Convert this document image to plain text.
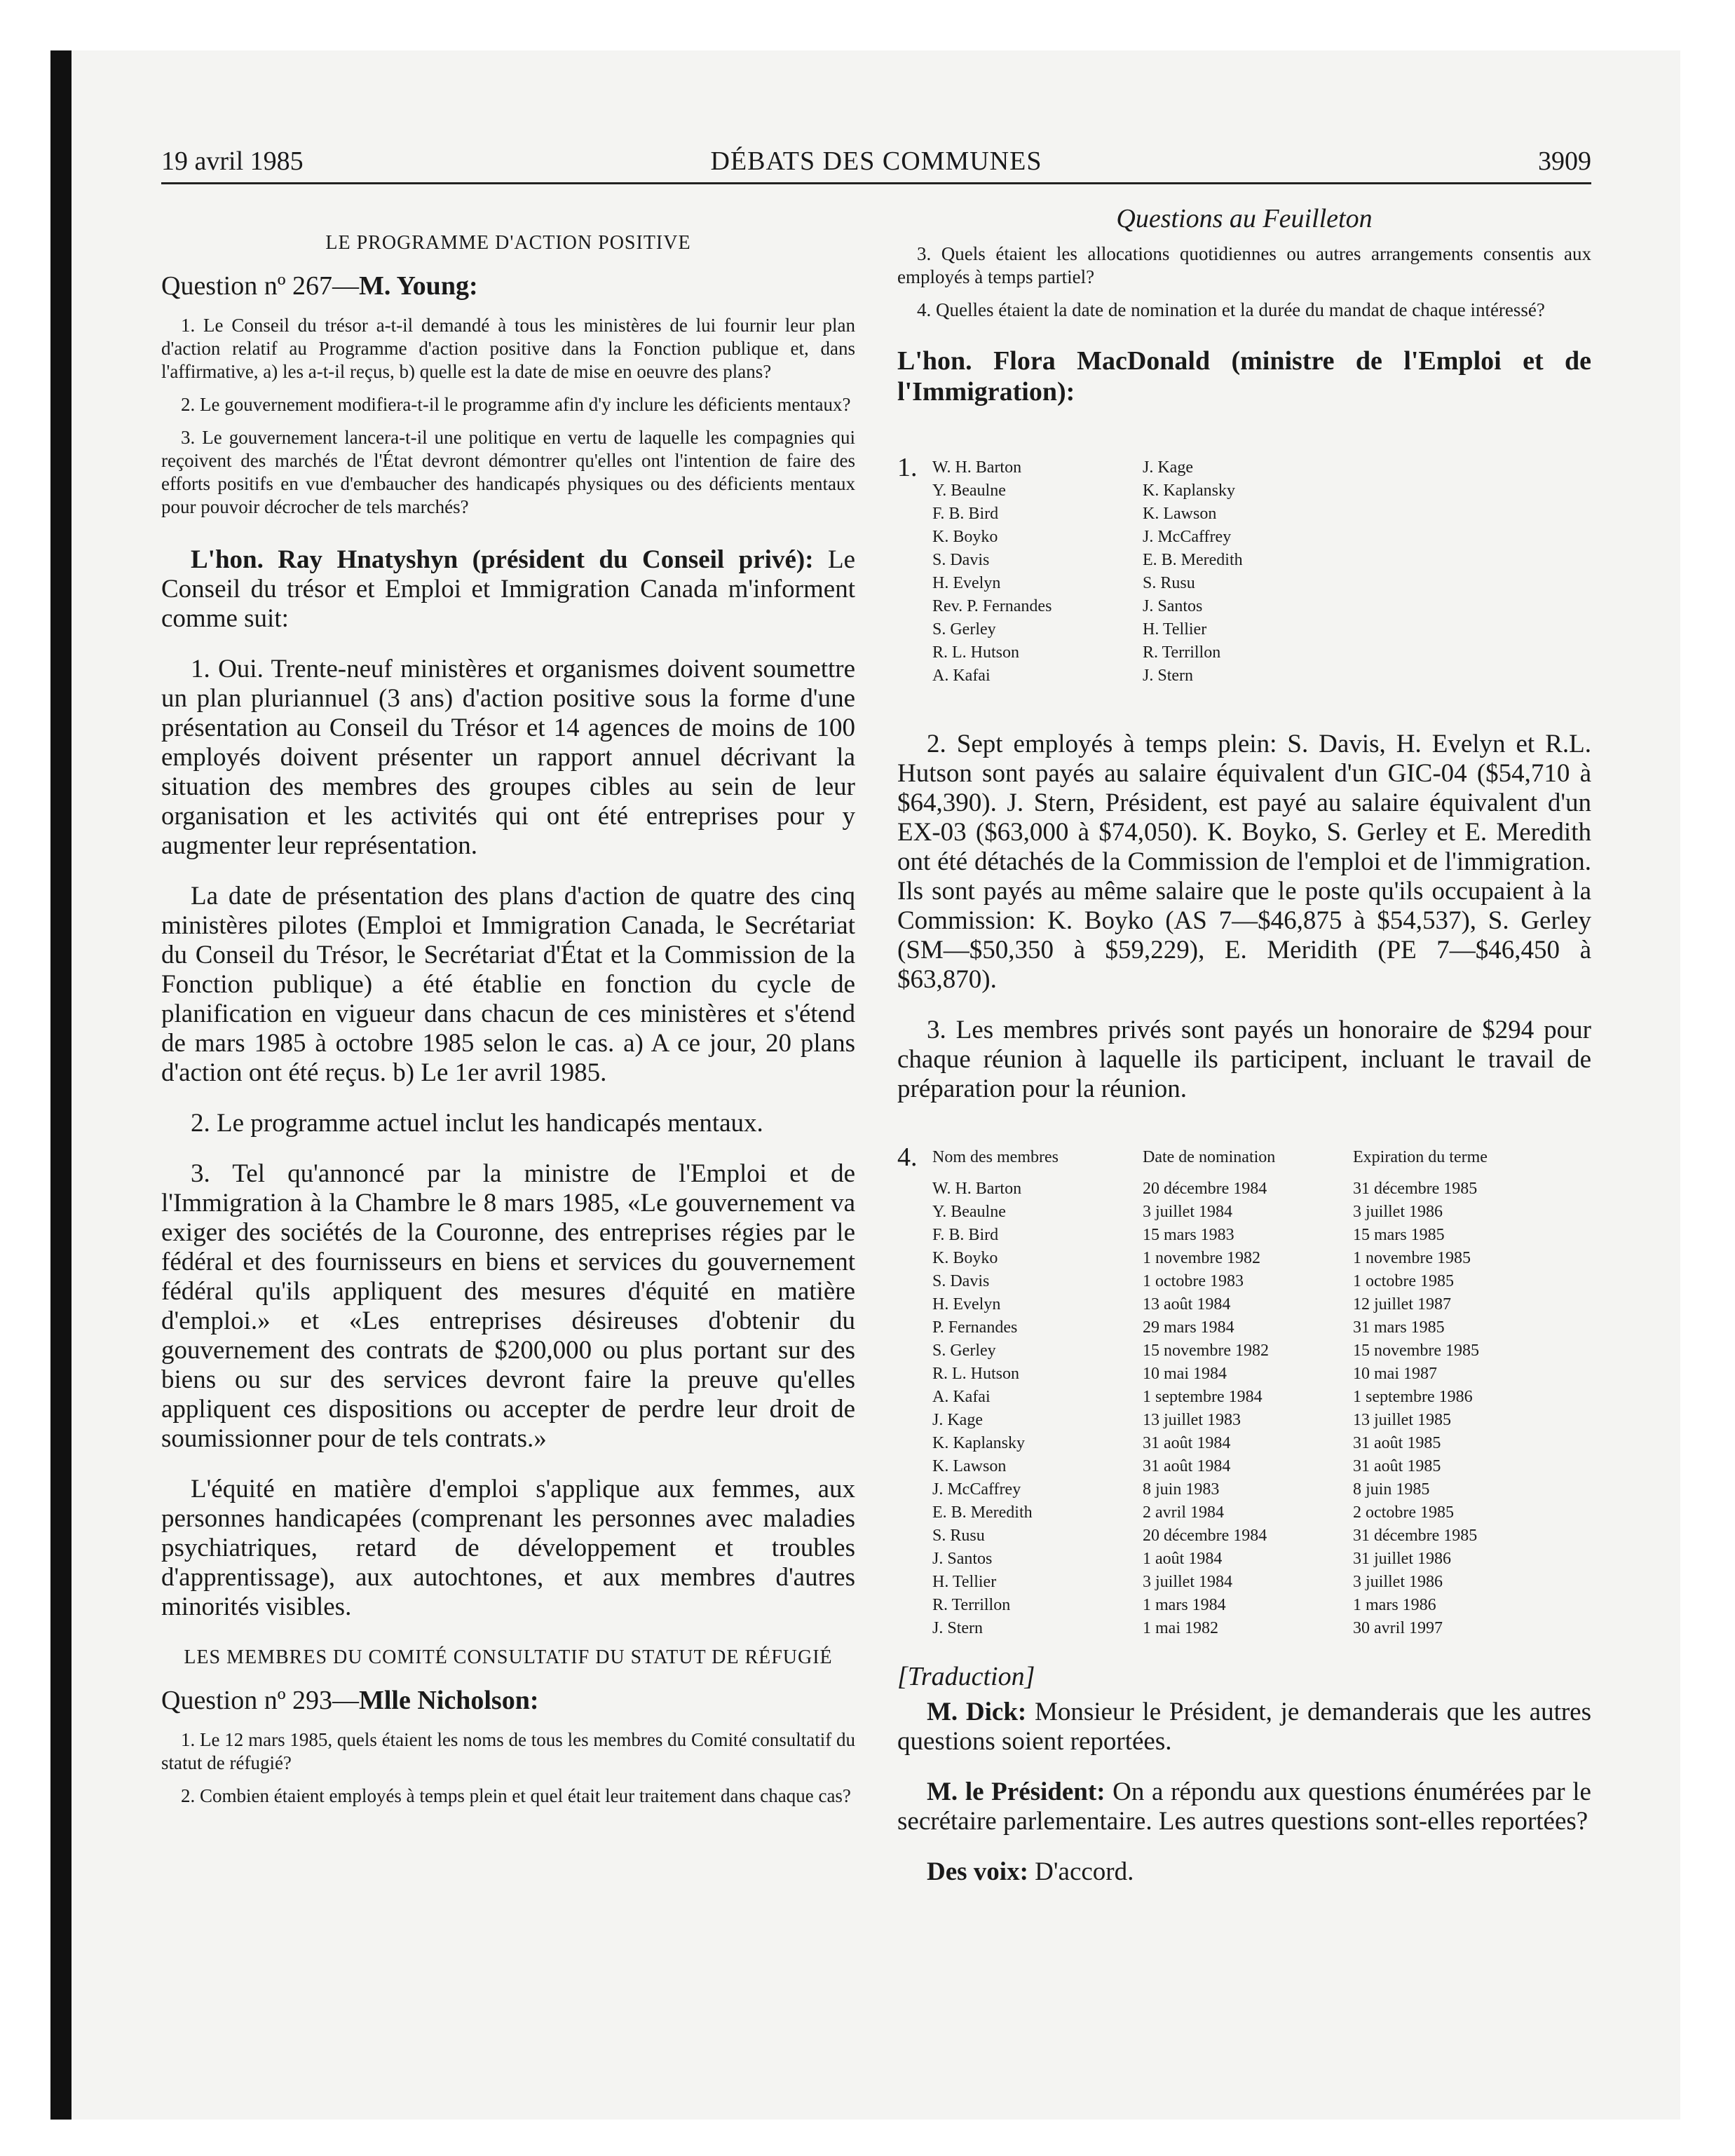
19 avril 1985	DÉBATS DES COMMUNES	3909

LE PROGRAMME D'ACTION POSITIVE

Question nº 267—M. Young:

1. Le Conseil du trésor a-t-il demandé à tous les ministères de lui fournir leur plan d'action relatif au Programme d'action positive dans la Fonction publique et, dans l'affirmative, a) les a-t-il reçus, b) quelle est la date de mise en oeuvre des plans?

2. Le gouvernement modifiera-t-il le programme afin d'y inclure les déficients mentaux?

3. Le gouvernement lancera-t-il une politique en vertu de laquelle les compagnies qui reçoivent des marchés de l'État devront démontrer qu'elles ont l'intention de faire des efforts positifs en vue d'embaucher des handicapés physiques ou des déficients mentaux pour pouvoir décrocher de tels marchés?

L'hon. Ray Hnatyshyn (président du Conseil privé): Le Conseil du trésor et Emploi et Immigration Canada m'informent comme suit:

1. Oui. Trente-neuf ministères et organismes doivent soumettre un plan pluriannuel (3 ans) d'action positive sous la forme d'une présentation au Conseil du Trésor et 14 agences de moins de 100 employés doivent présenter un rapport annuel décrivant la situation des membres des groupes cibles au sein de leur organisation et les activités qui ont été entreprises pour y augmenter leur représentation.

La date de présentation des plans d'action de quatre des cinq ministères pilotes (Emploi et Immigration Canada, le Secrétariat du Conseil du Trésor, le Secrétariat d'État et la Commission de la Fonction publique) a été établie en fonction du cycle de planification en vigueur dans chacun de ces ministères et s'étend de mars 1985 à octobre 1985 selon le cas. a) A ce jour, 20 plans d'action ont été reçus. b) Le 1er avril 1985.

2. Le programme actuel inclut les handicapés mentaux.

3. Tel qu'annoncé par la ministre de l'Emploi et de l'Immigration à la Chambre le 8 mars 1985, «Le gouvernement va exiger des sociétés de la Couronne, des entreprises régies par le fédéral et des fournisseurs en biens et services du gouvernement fédéral qu'ils appliquent des mesures d'équité en matière d'emploi.» et «Les entreprises désireuses d'obtenir du gouvernement des contrats de $200,000 ou plus portant sur des biens ou sur des services devront faire la preuve qu'elles appliquent ces dispositions ou accepter de perdre leur droit de soumissionner pour de tels contrats.»

L'équité en matière d'emploi s'applique aux femmes, aux personnes handicapées (comprenant les personnes avec maladies psychiatriques, retard de développement et troubles d'apprentissage), aux autochtones, et aux membres d'autres minorités visibles.

LES MEMBRES DU COMITÉ CONSULTATIF DU STATUT DE RÉFUGIÉ

Question nº 293—Mlle Nicholson:

1. Le 12 mars 1985, quels étaient les noms de tous les membres du Comité consultatif du statut de réfugié?

2. Combien étaient employés à temps plein et quel était leur traitement dans chaque cas?

Questions au Feuilleton

3. Quels étaient les allocations quotidiennes ou autres arrangements consentis aux employés à temps partiel?

4. Quelles étaient la date de nomination et la durée du mandat de chaque intéressé?

L'hon. Flora MacDonald (ministre de l'Emploi et de l'Immigration):

1. W. H. Barton
Y. Beaulne
F. B. Bird
K. Boyko
S. Davis
H. Evelyn
Rev. P. Fernandes
S. Gerley
R. L. Hutson
A. Kafai
J. Kage
K. Kaplansky
K. Lawson
J. McCaffrey
E. B. Meredith
S. Rusu
J. Santos
H. Tellier
R. Terrillon
J. Stern

2. Sept employés à temps plein: S. Davis, H. Evelyn et R.L. Hutson sont payés au salaire équivalent d'un GIC-04 ($54,710 à $64,390). J. Stern, Président, est payé au salaire équivalent d'un EX-03 ($63,000 à $74,050). K. Boyko, S. Gerley et E. Meredith ont été détachés de la Commission de l'emploi et de l'immigration. Ils sont payés au même salaire que le poste qu'ils occupaient à la Commission: K. Boyko (AS 7—$46,875 à $54,537), S. Gerley (SM—$50,350 à $59,229), E. Meridith (PE 7—$46,450 à $63,870).

3. Les membres privés sont payés un honoraire de $294 pour chaque réunion à laquelle ils participent, incluant le travail de préparation pour la réunion.

4. Nom des membres
W. H. Barton
Y. Beaulne
F. B. Bird
K. Boyko
S. Davis
H. Evelyn
P. Fernandes
S. Gerley
R. L. Hutson
A. Kafai
J. Kage
K. Kaplansky
K. Lawson
J. McCaffrey
E. B. Meredith
S. Rusu
J. Santos
H. Tellier
R. Terrillon
J. Stern
Date de nomination
20 décembre 1984
3 juillet 1984
15 mars 1983
1 novembre 1982
1 octobre 1983
13 août 1984
29 mars 1984
15 novembre 1982
10 mai 1984
1 septembre 1984
13 juillet 1983
31 août 1984
31 août 1984
8 juin 1983
2 avril 1984
20 décembre 1984
1 août 1984
3 juillet 1984
1 mars 1984
1 mai 1982
Expiration du terme
31 décembre 1985
3 juillet 1986
15 mars 1985
1 novembre 1985
1 octobre 1985
12 juillet 1987
31 mars 1985
15 novembre 1985
10 mai 1987
1 septembre 1986
13 juillet 1985
31 août 1985
31 août 1985
8 juin 1985
2 octobre 1985
31 décembre 1985
31 juillet 1986
3 juillet 1986
1 mars 1986
30 avril 1997

[Traduction]

M. Dick: Monsieur le Président, je demanderais que les autres questions soient reportées.

M. le Président: On a répondu aux questions énumérées par le secrétaire parlementaire. Les autres questions sont-elles reportées?

Des voix: D'accord.
